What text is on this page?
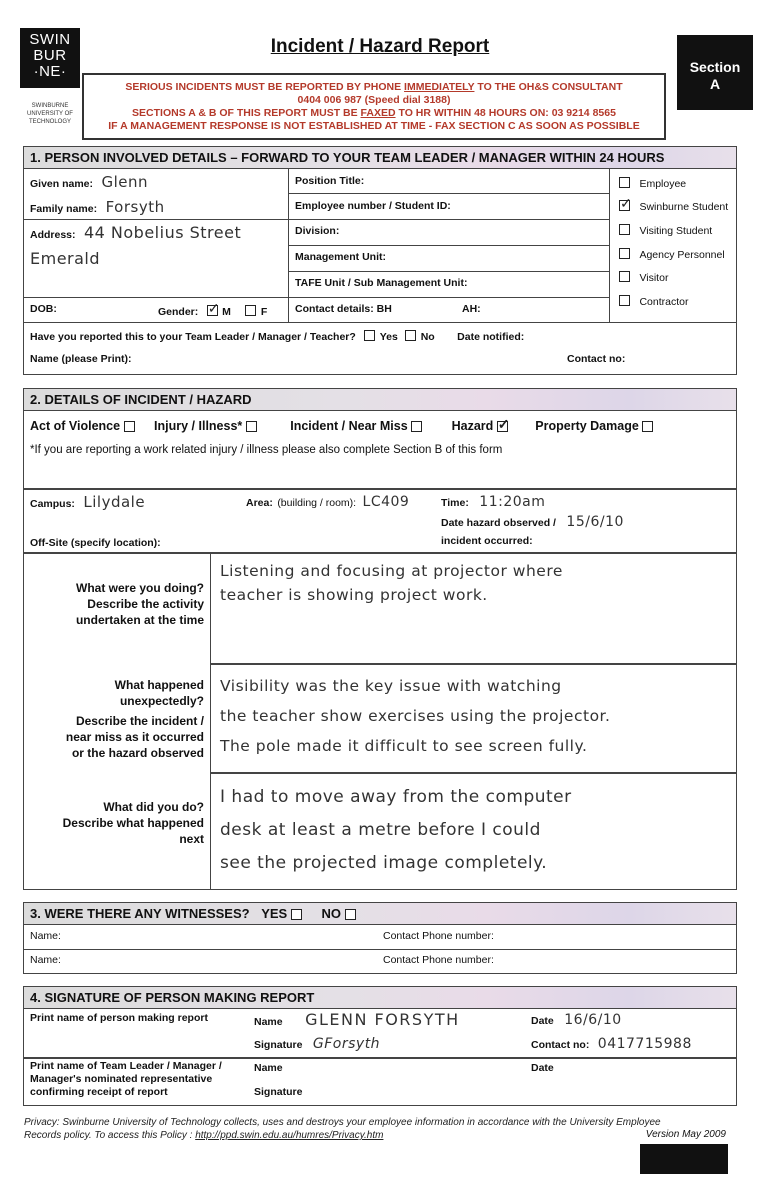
SWIN
BUR
·NE·
SWINBURNE UNIVERSITY OF TECHNOLOGY
Incident / Hazard Report
Section
A
SERIOUS INCIDENTS MUST BE REPORTED BY PHONE IMMEDIATELY TO THE OH&S CONSULTANT
0404 006 987 (Speed dial 3188)
SECTIONS A & B OF THIS REPORT MUST BE FAXED TO HR WITHIN 48 HOURS ON: 03 9214 8565
IF A MANAGEMENT RESPONSE IS NOT ESTABLISHED AT TIME - FAX SECTION C AS SOON AS POSSIBLE
1. PERSON INVOLVED DETAILS – FORWARD TO YOUR TEAM LEADER / MANAGER WITHIN 24 HOURS
Given name: Glenn
Family name: Forsyth
Address: 44 Nobelius Street
Emerald
DOB:	Gender: ✓ M	F
Position Title:
Employee number / Student ID:
Division:
Management Unit:
TAFE Unit / Sub Management Unit:
Contact details: BH	AH:
Employee
✓ Swinburne Student
Visiting Student
Agency Personnel
Visitor
Contractor
Have you reported this to your Team Leader / Manager / Teacher? Yes No Date notified:
Name (please Print):	Contact no:
2. DETAILS OF INCIDENT / HAZARD
Act of Violence	Injury / Illness*	Incident / Near Miss	Hazard ✓	Property Damage
*If you are reporting a work related injury / illness please also complete Section B of this form
Campus: Lilydale	Area: (building / room): LC409	Time: 11:20am
Date hazard observed / 15/6/10
incident occurred:
Off-Site (specify location):
What were you doing?
Describe the activity
undertaken at the time
Listening and focusing at projector where
teacher is showing project work.
What happened
unexpectedly?
Describe the incident /
near miss as it occurred
or the hazard observed
Visibility was the key issue with watching
the teacher show exercises using the projector.
The pole made it difficult to see screen fully.
What did you do?
Describe what happened
next
I had to move away from the computer
desk at least a metre before I could
see the projected image completely.
3. WERE THERE ANY WITNESSES? YES	NO
Name:	Contact Phone number:
Name:	Contact Phone number:
4. SIGNATURE OF PERSON MAKING REPORT
Print name of person making report	Name GLENN FORSYTH
Signature GForsyth
Date 16/6/10
Contact no: 0417715988
Print name of Team Leader / Manager /
Manager's nominated representative
confirming receipt of report
Name
Signature
Date
Privacy: Swinburne University of Technology collects, uses and destroys your employee information in accordance with the University Employee
Records policy. To access this Policy : http://ppd.swin.edu.au/humres/Privacy.htm	Version May 2009
